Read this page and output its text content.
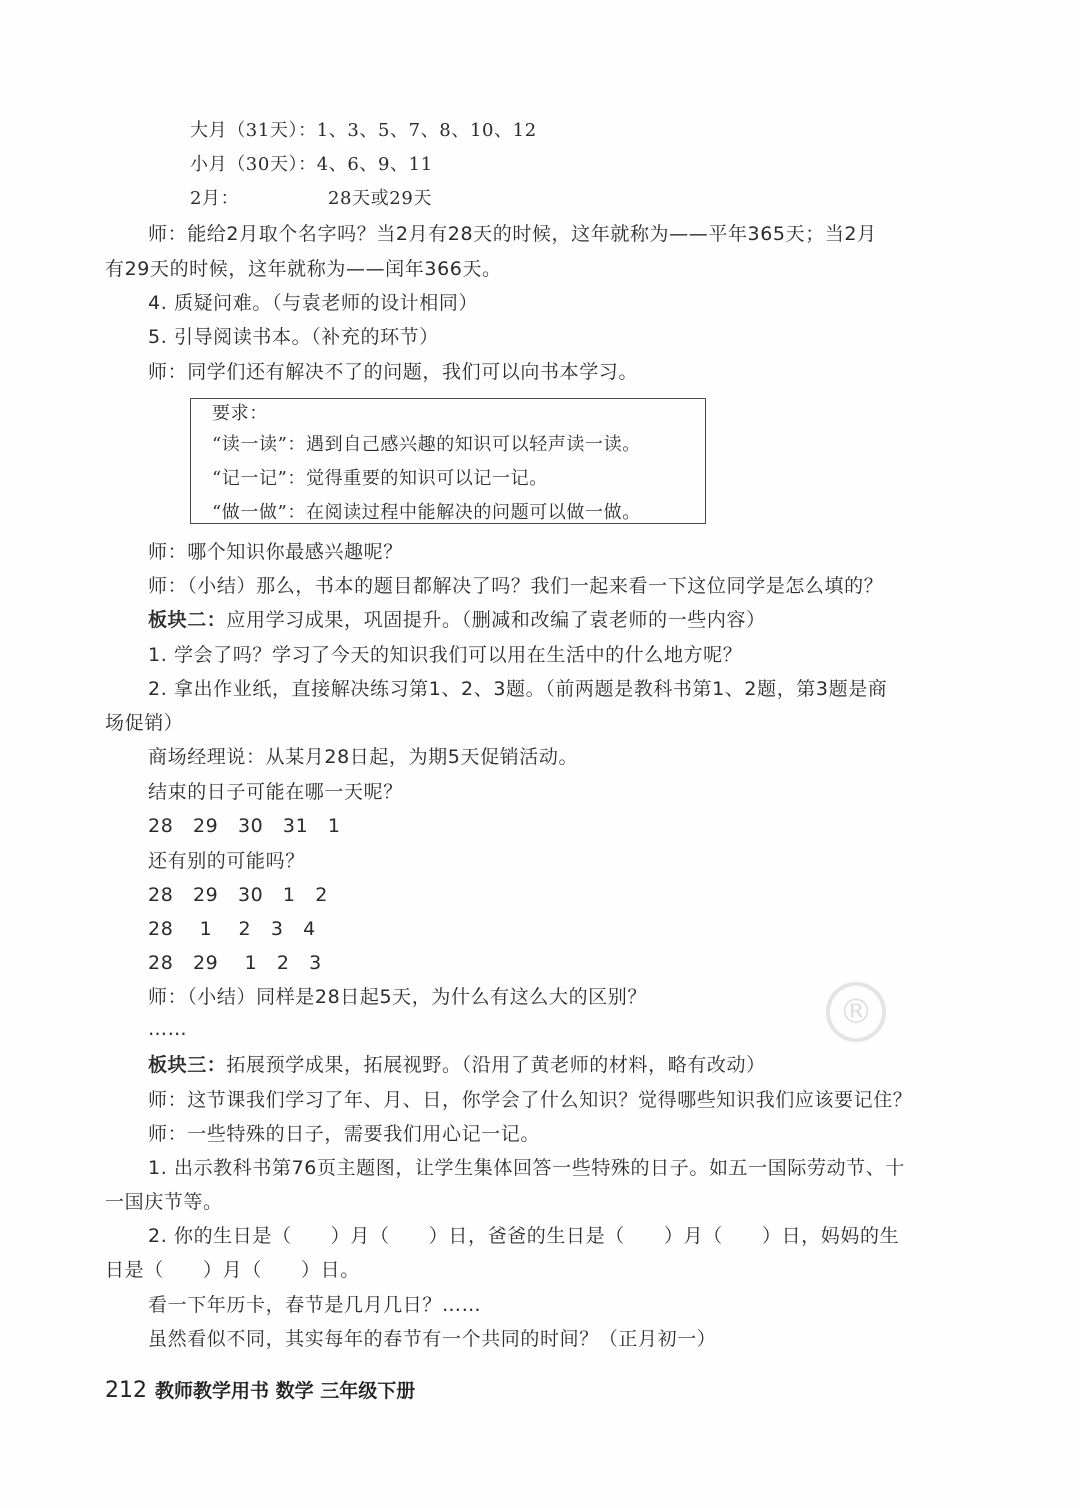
®
大月（31天）：1、3、5、7、8、10、12
小月（30天）：4、6、9、11
2月：	28天或29天
师：能给2月取个名字吗？当2月有28天的时候，这年就称为——平年365天；当2月
有29天的时候，这年就称为——闰年366天。
4. 质疑问难。（与袁老师的设计相同）
5. 引导阅读书本。（补充的环节）
师：同学们还有解决不了的问题，我们可以向书本学习。
要求：
“读一读”：遇到自己感兴趣的知识可以轻声读一读。
“记一记”：觉得重要的知识可以记一记。
“做一做”：在阅读过程中能解决的问题可以做一做。
师：哪个知识你最感兴趣呢？
师：（小结）那么，书本的题目都解决了吗？我们一起来看一下这位同学是怎么填的？
板块二：应用学习成果，巩固提升。（删减和改编了袁老师的一些内容）
1. 学会了吗？学习了今天的知识我们可以用在生活中的什么地方呢？
2. 拿出作业纸，直接解决练习第1、2、3题。（前两题是教科书第1、2题，第3题是商
场促销）
商场经理说：从某月28日起，为期5天促销活动。
结束的日子可能在哪一天呢？
28　29　30　31　1
还有别的可能吗？
28　29　30　1　2
28　 1 　2　3　4
28　29　 1　2　3
师：（小结）同样是28日起5天，为什么有这么大的区别？
……
板块三：拓展预学成果，拓展视野。（沿用了黄老师的材料，略有改动）
师：这节课我们学习了年、月、日，你学会了什么知识？觉得哪些知识我们应该要记住？
师：一些特殊的日子，需要我们用心记一记。
1. 出示教科书第76页主题图，让学生集体回答一些特殊的日子。如五一国际劳动节、十
一国庆节等。
2. 你的生日是（　　）月（　　）日，爸爸的生日是（　　）月（　　）日，妈妈的生
日是（　　）月（　　）日。
看一下年历卡，春节是几月几日？……
虽然看似不同，其实每年的春节有一个共同的时间？（正月初一）
212 教师教学用书 数学 三年级下册
